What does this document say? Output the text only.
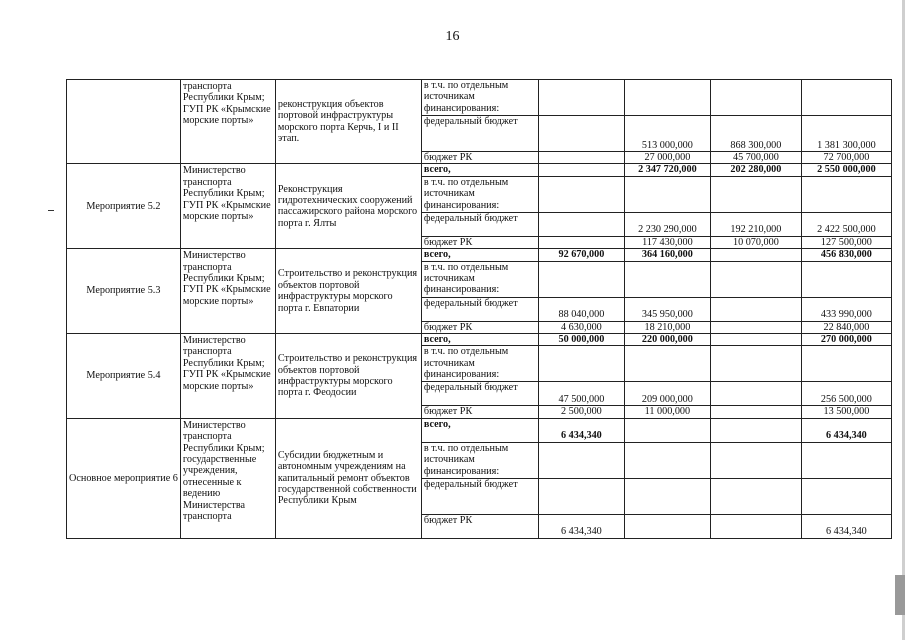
16
	транспорта Республики Крым; ГУП РК «Крымские морские порты»	реконструкция объектов портовой инфраструктуры морского порта Керчь, I и II этап.	в т.ч. по отдельным источникам финансирования:				
			федеральный бюджет		513 000,000	868 300,000	1 381 300,000
			бюджет РК		27 000,000	45 700,000	72 700,000
Мероприятие 5.2	Министерство транспорта Республики Крым; ГУП РК «Крымские морские порты»	Реконструкция гидротехнических сооружений пассажирского района морского порта г. Ялты	всего,		2 347 720,000	202 280,000	2 550 000,000
			в т.ч. по отдельным источникам финансирования:				
			федеральный бюджет		2 230 290,000	192 210,000	2 422 500,000
			бюджет РК		117 430,000	10 070,000	127 500,000
Мероприятие 5.3	Министерство транспорта Республики Крым; ГУП РК «Крымские морские порты»	Строительство и реконструкция объектов портовой инфраструктуры морского порта г. Евпатории	всего,	92 670,000	364 160,000		456 830,000
			в т.ч. по отдельным источникам финансирования:				
			федеральный бюджет	88 040,000	345 950,000		433 990,000
			бюджет РК	4 630,000	18 210,000		22 840,000
Мероприятие 5.4	Министерство транспорта Республики Крым; ГУП РК «Крымские морские порты»	Строительство и реконструкция объектов портовой инфраструктуры морского порта г. Феодосии	всего,	50 000,000	220 000,000		270 000,000
			в т.ч. по отдельным источникам финансирования:				
			федеральный бюджет	47 500,000	209 000,000		256 500,000
			бюджет РК	2 500,000	11 000,000		13 500,000
Основное мероприятие 6	Министерство транспорта Республики Крым; государственные учреждения, отнесенные к ведению Министерства транспорта	Субсидии бюджетным и автономным учреждениям на капитальный ремонт объектов государственной собственности Республики Крым	всего,	6 434,340			6 434,340
			в т.ч. по отдельным источникам финансирования:				
			федеральный бюджет				
			бюджет РК	6 434,340			6 434,340
